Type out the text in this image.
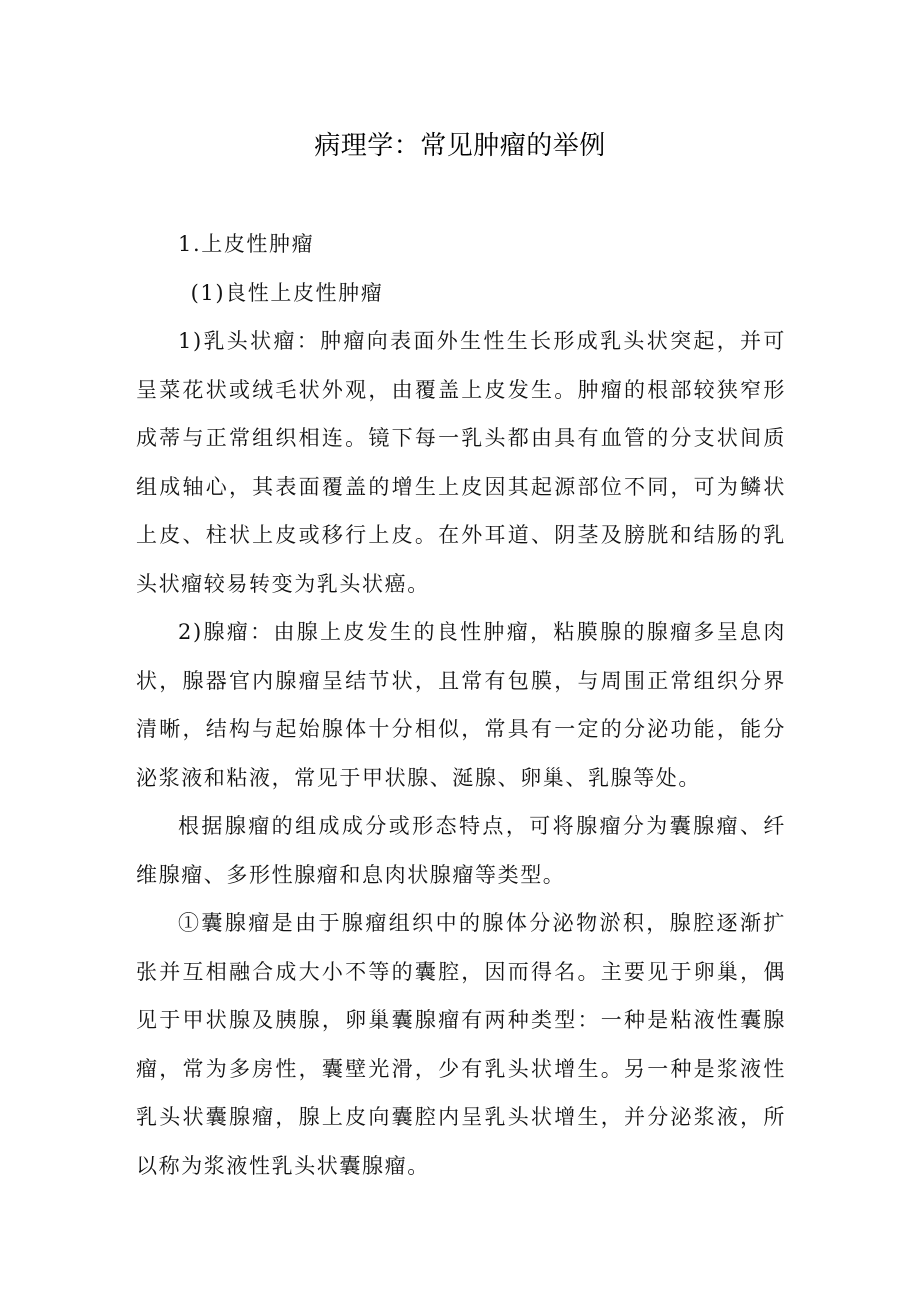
病理学：常见肿瘤的举例

1.上皮性肿瘤

(1)良性上皮性肿瘤

1)乳头状瘤：肿瘤向表面外生性生长形成乳头状突起，并可呈菜花状或绒毛状外观，由覆盖上皮发生。肿瘤的根部较狭窄形成蒂与正常组织相连。镜下每一乳头都由具有血管的分支状间质组成轴心，其表面覆盖的增生上皮因其起源部位不同，可为鳞状上皮、柱状上皮或移行上皮。在外耳道、阴茎及膀胱和结肠的乳头状瘤较易转变为乳头状癌。

2)腺瘤：由腺上皮发生的良性肿瘤，粘膜腺的腺瘤多呈息肉状，腺器官内腺瘤呈结节状，且常有包膜，与周围正常组织分界清晰，结构与起始腺体十分相似，常具有一定的分泌功能，能分泌浆液和粘液，常见于甲状腺、涎腺、卵巢、乳腺等处。

根据腺瘤的组成成分或形态特点，可将腺瘤分为囊腺瘤、纤维腺瘤、多形性腺瘤和息肉状腺瘤等类型。

①囊腺瘤是由于腺瘤组织中的腺体分泌物淤积，腺腔逐渐扩张并互相融合成大小不等的囊腔，因而得名。主要见于卵巢，偶见于甲状腺及胰腺，卵巢囊腺瘤有两种类型：一种是粘液性囊腺瘤，常为多房性，囊壁光滑，少有乳头状增生。另一种是浆液性乳头状囊腺瘤，腺上皮向囊腔内呈乳头状增生，并分泌浆液，所以称为浆液性乳头状囊腺瘤。
